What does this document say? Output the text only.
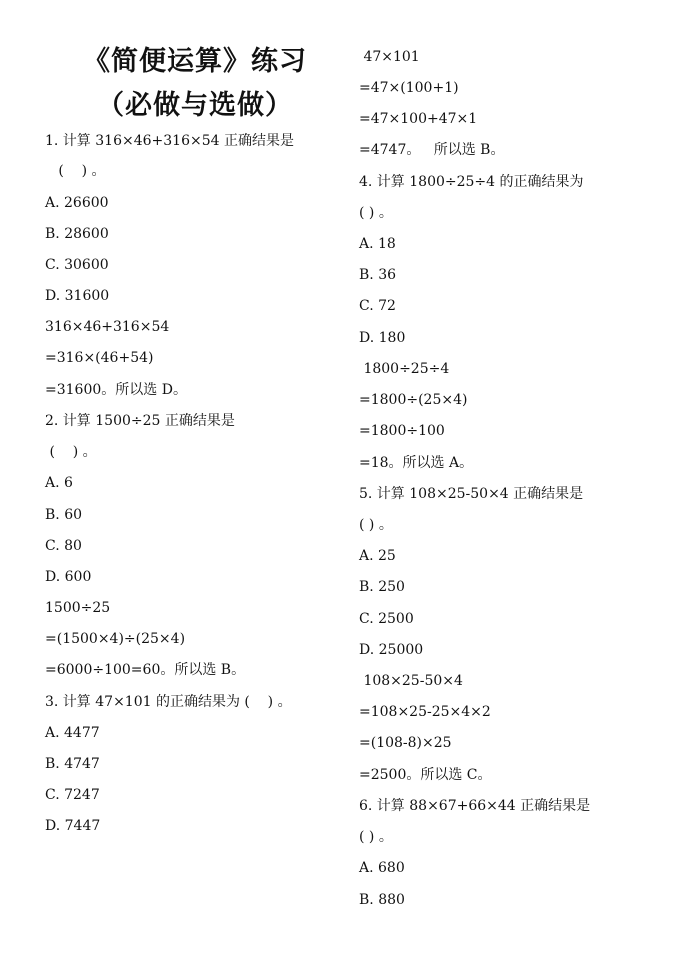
《简便运算》练习
（必做与选做）
1. 计算 316×46+316×54 正确结果是
(    ) 。
A. 26600
B. 28600
C. 30600
D. 31600
316×46+316×54
=316×(46+54)
=31600。所以选 D。
2. 计算 1500÷25 正确结果是
(    ) 。
A. 6
B. 60
C. 80
D. 600
1500÷25
=(1500×4)÷(25×4)
=6000÷100=60。所以选 B。
3. 计算 47×101 的正确结果为 (    ) 。
A. 4477
B. 4747
C. 7247
D. 7447
47×101
=47×(100+1)
=47×100+47×1
=4747。   所以选 B。
4. 计算 1800÷25÷4 的正确结果为
( ) 。
A. 18
B. 36
C. 72
D. 180
1800÷25÷4
=1800÷(25×4)
=1800÷100
=18。所以选 A。
5. 计算 108×25-50×4 正确结果是
( ) 。
A. 25
B. 250
C. 2500
D. 25000
108×25-50×4
=108×25-25×4×2
=(108-8)×25
=2500。所以选 C。
6. 计算 88×67+66×44 正确结果是
( ) 。
A. 680
B. 880
